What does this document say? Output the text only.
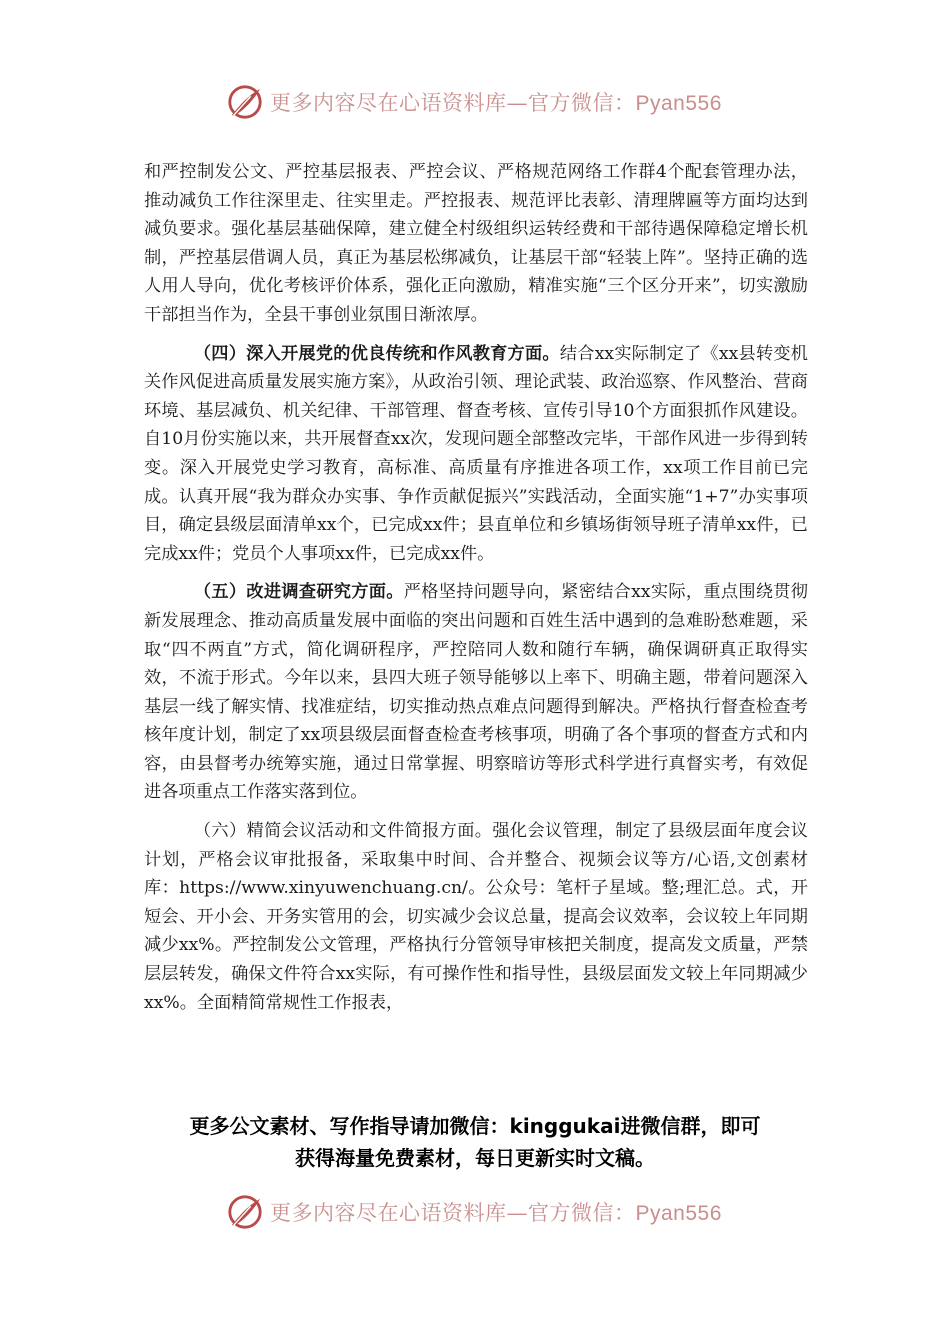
更多内容尽在心语资料库—官方微信：Pyan556

和严控制发公文、严控基层报表、严控会议、严格规范网络工作群4个配套管理办法，推动减负工作往深里走、往实里走。严控报表、规范评比表彰、清理牌匾等方面均达到减负要求。强化基层基础保障，建立健全村级组织运转经费和干部待遇保障稳定增长机制，严控基层借调人员，真正为基层松绑减负，让基层干部“轻装上阵”。坚持正确的选人用人导向，优化考核评价体系，强化正向激励，精准实施“三个区分开来”，切实激励干部担当作为，全县干事创业氛围日渐浓厚。

（四）深入开展党的优良传统和作风教育方面。结合xx实际制定了《xx县转变机关作风促进高质量发展实施方案》，从政治引领、理论武装、政治巡察、作风整治、营商环境、基层减负、机关纪律、干部管理、督查考核、宣传引导10个方面狠抓作风建设。自10月份实施以来，共开展督查xx次，发现问题全部整改完毕，干部作风进一步得到转变。深入开展党史学习教育，高标准、高质量有序推进各项工作，xx项工作目前已完成。认真开展“我为群众办实事、争作贡献促振兴”实践活动，全面实施“1+7”办实事项目，确定县级层面清单xx个，已完成xx件；县直单位和乡镇场街领导班子清单xx件，已完成xx件；党员个人事项xx件，已完成xx件。

（五）改进调查研究方面。严格坚持问题导向，紧密结合xx实际，重点围绕贯彻新发展理念、推动高质量发展中面临的突出问题和百姓生活中遇到的急难盼愁难题，采取“四不两直”方式，简化调研程序，严控陪同人数和随行车辆，确保调研真正取得实效，不流于形式。今年以来，县四大班子领导能够以上率下、明确主题，带着问题深入基层一线了解实情、找准症结，切实推动热点难点问题得到解决。严格执行督查检查考核年度计划，制定了xx项县级层面督查检查考核事项，明确了各个事项的督查方式和内容，由县督考办统筹实施，通过日常掌握、明察暗访等形式科学进行真督实考，有效促进各项重点工作落实落到位。

（六）精简会议活动和文件简报方面。强化会议管理，制定了县级层面年度会议计划，严格会议审批报备，采取集中时间、合并整合、视频会议等方/心语,文创素材库：https://www.xinyuwenchuang.cn/。公众号：笔杆子星域。整;理汇总。式，开短会、开小会、开务实管用的会，切实减少会议总量，提高会议效率，会议较上年同期减少xx%。严控制发公文管理，严格执行分管领导审核把关制度，提高发文质量，严禁层层转发，确保文件符合xx实际，有可操作性和指导性，县级层面发文较上年同期减少xx%。全面精简常规性工作报表，

更多公文素材、写作指导请加微信：kinggukai进微信群，即可
获得海量免费素材，每日更新实时文稿。
更多内容尽在心语资料库—官方微信：Pyan556
